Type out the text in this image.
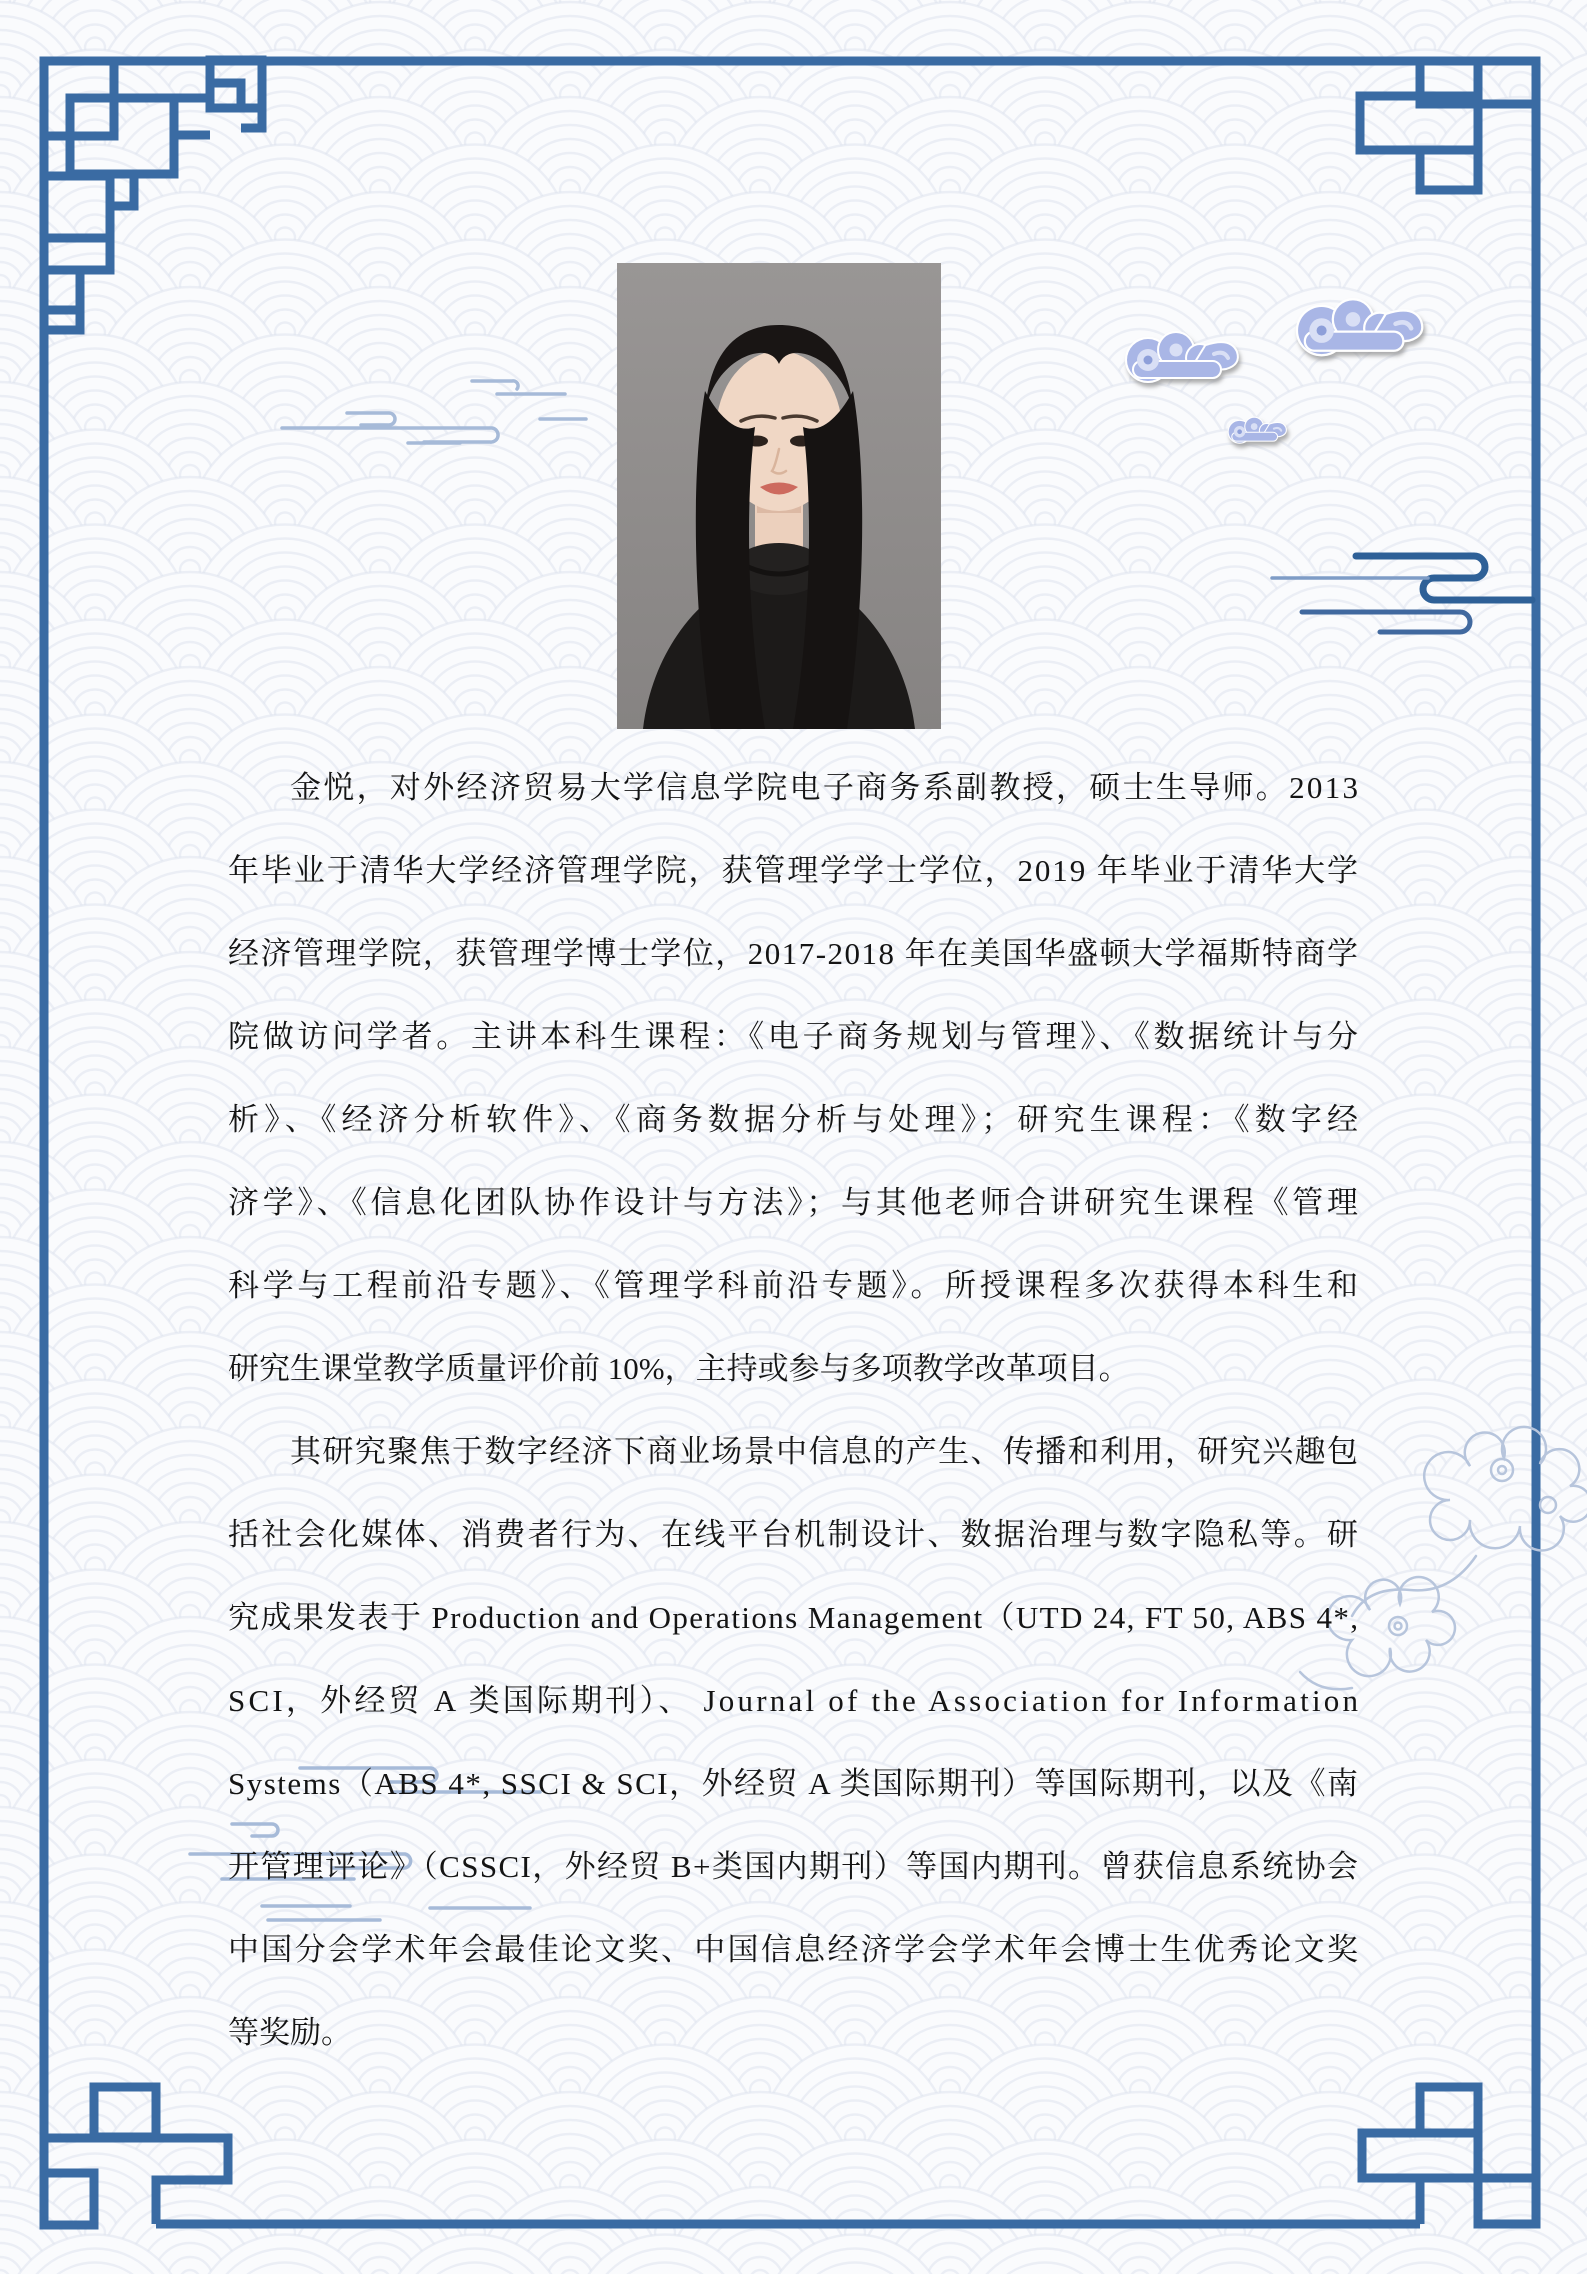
金悦，对外经济贸易大学信息学院电子商务系副教授，硕士生导师。2013
年毕业于清华大学经济管理学院，获管理学学士学位，2019 年毕业于清华大学
经济管理学院，获管理学博士学位，2017-2018 年在美国华盛顿大学福斯特商学
院做访问学者。主讲本科生课程：《电子商务规划与管理》、《数据统计与分
析》、《经济分析软件》、《商务数据分析与处理》；研究生课程：《数字经
济学》、《信息化团队协作设计与方法》；与其他老师合讲研究生课程《管理
科学与工程前沿专题》、《管理学科前沿专题》。所授课程多次获得本科生和
研究生课堂教学质量评价前 10%，主持或参与多项教学改革项目。
其研究聚焦于数字经济下商业场景中信息的产生、传播和利用，研究兴趣包
括社会化媒体、消费者行为、在线平台机制设计、数据治理与数字隐私等。研
究成果发表于 Production and Operations Management（UTD 24, FT 50, ABS 4*,
SCI，外经贸 A 类国际期刊）、 Journal of the Association for Information
Systems（ABS 4*, SSCI & SCI，外经贸 A 类国际期刊）等国际期刊，以及《南
开管理评论》（CSSCI，外经贸 B+类国内期刊）等国内期刊。曾获信息系统协会
中国分会学术年会最佳论文奖、中国信息经济学会学术年会博士生优秀论文奖
等奖励。
